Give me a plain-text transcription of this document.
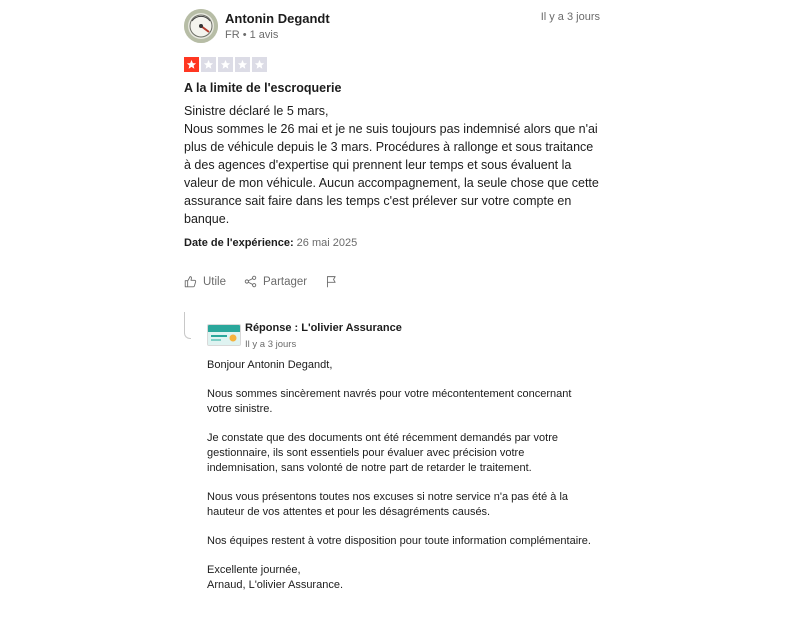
Antonin Degandt
FR • 1 avis
Il y a 3 jours
A la limite de l'escroquerie

Sinistre déclaré le 5 mars,

Nous sommes le 26 mai et je ne suis toujours pas indemnisé alors que n'ai plus de véhicule depuis le 3 mars. Procédures à rallonge et sous traitance à des agences d'expertise qui prennent leur temps et sous évaluent la valeur de mon véhicule. Aucun accompagnement, la seule chose que cette assurance sait faire dans les temps c'est prélever sur votre compte en banque.

Date de l'expérience: 26 mai 2025
Utile	Partager
Réponse : L'olivier Assurance
Il y a 3 jours

Bonjour Antonin Degandt,

Nous sommes sincèrement navrés pour votre mécontentement concernant votre sinistre.

Je constate que des documents ont été récemment demandés par votre gestionnaire, ils sont essentiels pour évaluer avec précision votre indemnisation, sans volonté de notre part de retarder le traitement.

Nous vous présentons toutes nos excuses si notre service n'a pas été à la hauteur de vos attentes et pour les désagréments causés.

Nos équipes restent à votre disposition pour toute information complémentaire.

Excellente journée,
Arnaud, L'olivier Assurance.
